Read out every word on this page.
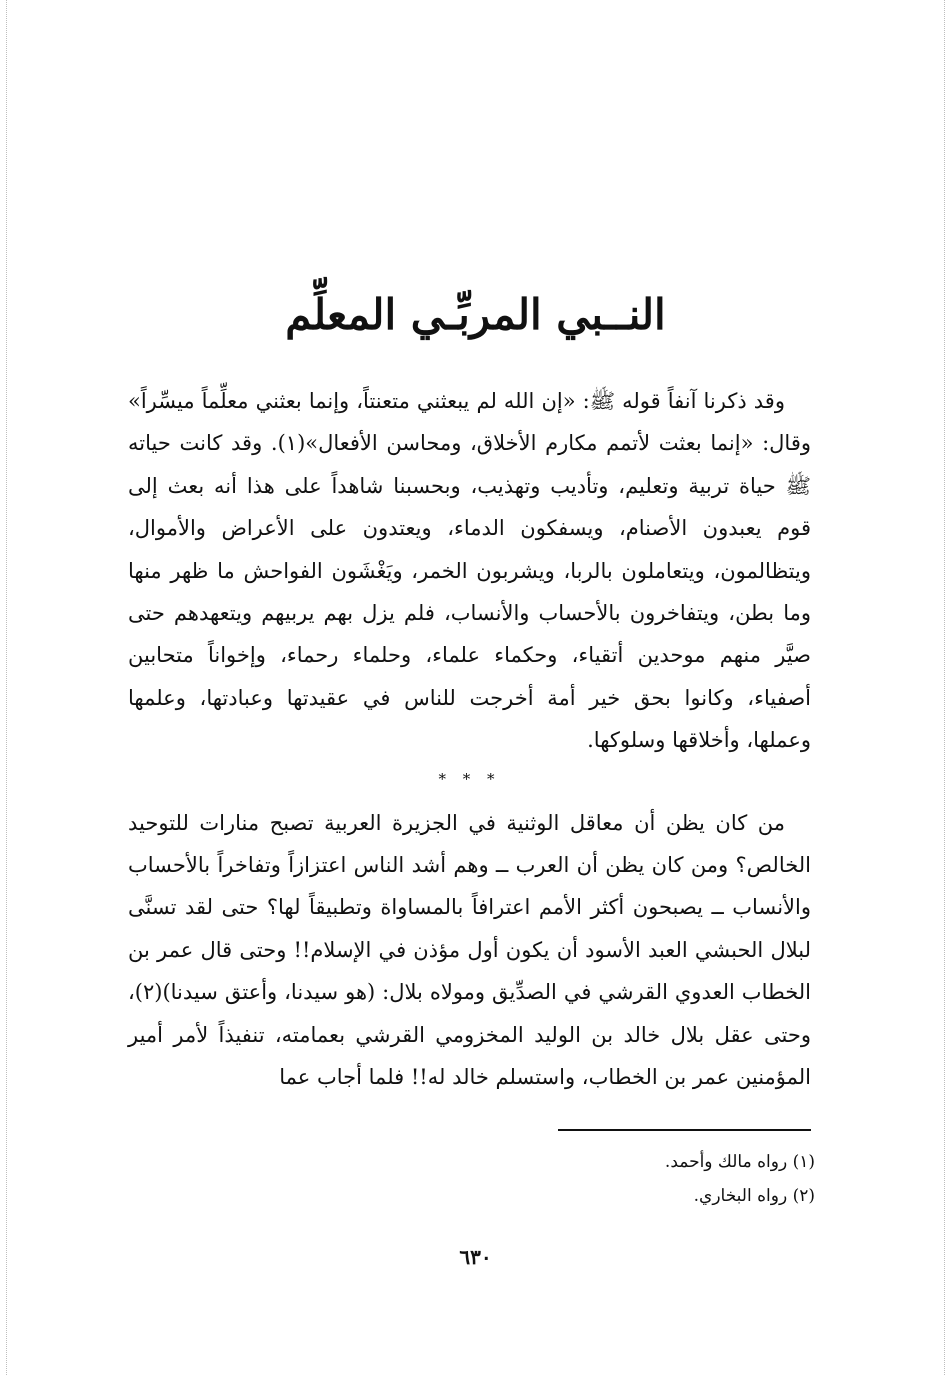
النــبي المربِّـي المعلِّم

وقد ذكرنا آنفاً قوله ﷺ: «إن الله لم يبعثني متعنتاً، وإنما بعثني معلِّماً ميسِّراً» وقال: «إنما بعثت لأتمم مكارم الأخلاق، ومحاسن الأفعال»(١). وقد كانت حياته ﷺ حياة تربية وتعليم، وتأديب وتهذيب، وبحسبنا شاهداً على هذا أنه بعث إلى قوم يعبدون الأصنام، ويسفكون الدماء، ويعتدون على الأعراض والأموال، ويتظالمون، ويتعاملون بالربا، ويشربون الخمر، ويَغْشَون الفواحش ما ظهر منها وما بطن، ويتفاخرون بالأحساب والأنساب، فلم يزل بهم يربيهم ويتعهدهم حتى صيَّر منهم موحدين أتقياء، وحكماء علماء، وحلماء رحماء، وإخواناً متحابين أصفياء، وكانوا بحق خير أمة أخرجت للناس في عقيدتها وعبادتها، وعلمها وعملها، وأخلاقها وسلوكها.

* * *

من كان يظن أن معاقل الوثنية في الجزيرة العربية تصبح منارات للتوحيد الخالص؟ ومن كان يظن أن العرب ــ وهم أشد الناس اعتزازاً وتفاخراً بالأحساب والأنساب ــ يصبحون أكثر الأمم اعترافاً بالمساواة وتطبيقاً لها؟ حتى لقد تسنَّى لبلال الحبشي العبد الأسود أن يكون أول مؤذن في الإسلام!! وحتى قال عمر بن الخطاب العدوي القرشي في الصدِّيق ومولاه بلال: (هو سيدنا، وأعتق سيدنا)(٢)، وحتى عقل بلال خالد بن الوليد المخزومي القرشي بعمامته، تنفيذاً لأمر أمير المؤمنين عمر بن الخطاب، واستسلم خالد له!! فلما أجاب عما

(١) رواه مالك وأحمد.
(٢) رواه البخاري.
٦٣٠
